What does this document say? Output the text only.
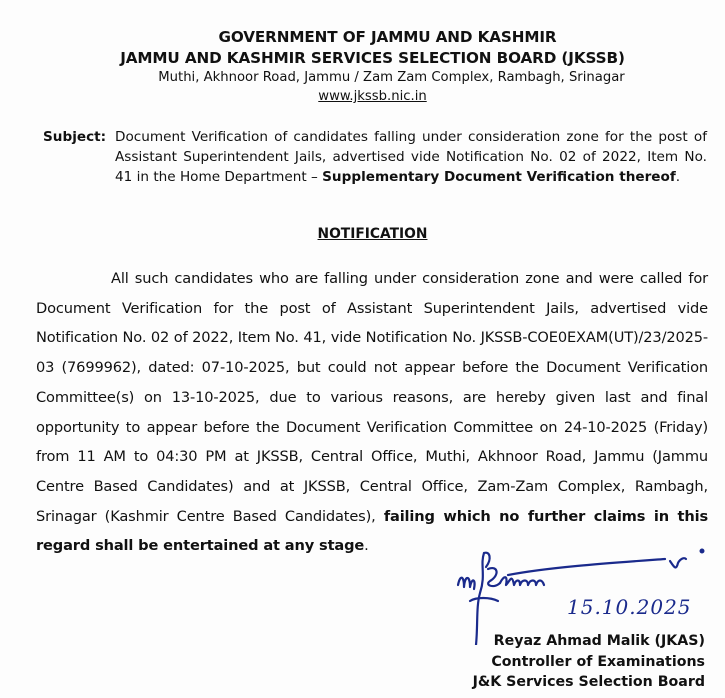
GOVERNMENT OF JAMMU AND KASHMIR
JAMMU AND KASHMIR SERVICES SELECTION BOARD (JKSSB)
Muthi, Akhnoor Road, Jammu / Zam Zam Complex, Rambagh, Srinagar
www.jkssb.nic.in
Subject: Document Verification of candidates falling under consideration zone for the post of Assistant Superintendent Jails, advertised vide Notification No. 02 of 2022, Item No. 41 in the Home Department – Supplementary Document Verification thereof.
NOTIFICATION
All such candidates who are falling under consideration zone and were called for Document Verification for the post of Assistant Superintendent Jails, advertised vide Notification No. 02 of 2022, Item No. 41, vide Notification No. JKSSB-COE0EXAM(UT)/23/2025-03 (7699962), dated: 07-10-2025, but could not appear before the Document Verification Committee(s) on 13-10-2025, due to various reasons, are hereby given last and final opportunity to appear before the Document Verification Committee on 24-10-2025 (Friday) from 11 AM to 04:30 PM at JKSSB, Central Office, Muthi, Akhnoor Road, Jammu (Jammu Centre Based Candidates) and at JKSSB, Central Office, Zam-Zam Complex, Rambagh, Srinagar (Kashmir Centre Based Candidates), failing which no further claims in this regard shall be entertained at any stage.
15.10.2025
Reyaz Ahmad Malik (JKAS)
Controller of Examinations
J&K Services Selection Board
